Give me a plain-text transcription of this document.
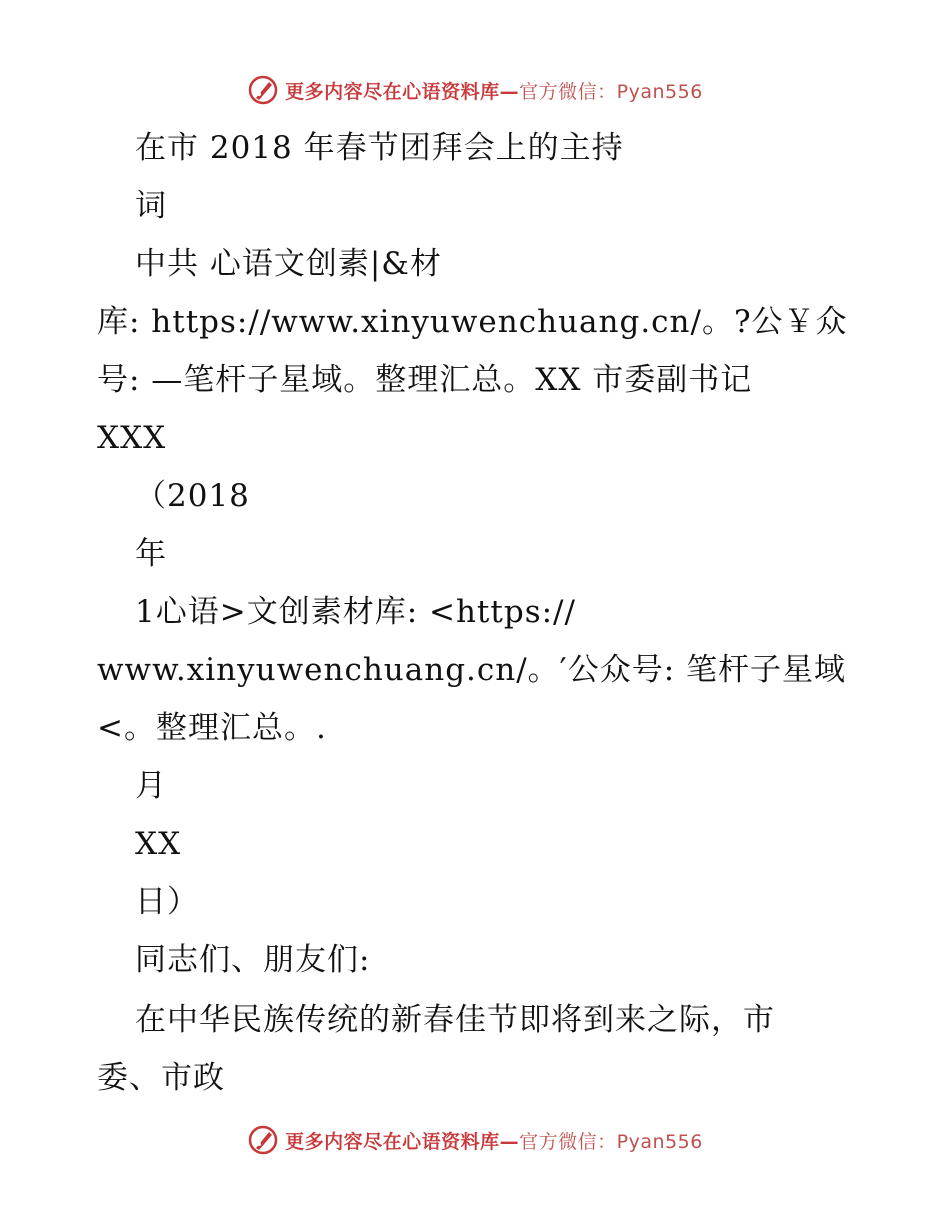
更多内容尽在心语资料库—官方微信：Pyan556
在市 2018 年春节团拜会上的主持
词
中共 心语文创素|&材
库: https://www.xinyuwenchuang.cn/。?公￥众
号: —笔杆子星域。整理汇总。XX 市委副书记
XXX
（2018
年
1心语>文创素材库: <https://
www.xinyuwenchuang.cn/。′公众号: 笔杆子星域
<。整理汇总。.
月
XX
日）
同志们、朋友们:
在中华民族传统的新春佳节即将到来之际，市
委、市政
更多内容尽在心语资料库—官方微信：Pyan556
